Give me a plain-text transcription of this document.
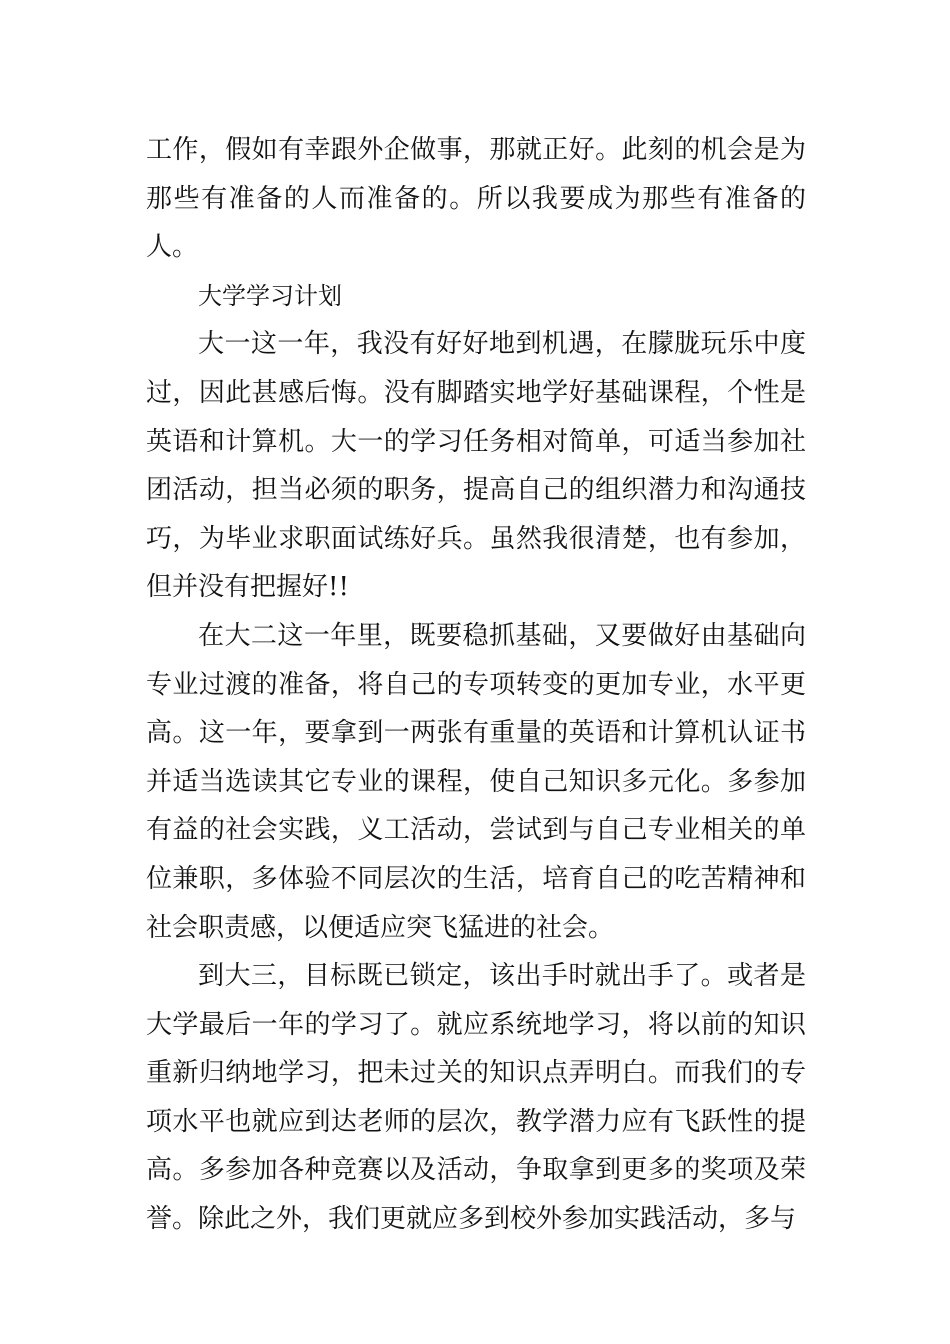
工作，假如有幸跟外企做事，那就正好。此刻的机会是为那些有准备的人而准备的。所以我要成为那些有准备的人。

大学学习计划

大一这一年，我没有好好地到机遇，在朦胧玩乐中度过，因此甚感后悔。没有脚踏实地学好基础课程，个性是英语和计算机。大一的学习任务相对简单，可适当参加社团活动，担当必须的职务，提高自己的组织潜力和沟通技巧，为毕业求职面试练好兵。虽然我很清楚，也有参加，但并没有把握好!!

在大二这一年里，既要稳抓基础，又要做好由基础向专业过渡的准备，将自己的专项转变的更加专业，水平更高。这一年，要拿到一两张有重量的英语和计算机认证书并适当选读其它专业的课程，使自己知识多元化。多参加有益的社会实践，义工活动，尝试到与自己专业相关的单位兼职，多体验不同层次的生活，培育自己的吃苦精神和社会职责感，以便适应突飞猛进的社会。

到大三，目标既已锁定，该出手时就出手了。或者是大学最后一年的学习了。就应系统地学习，将以前的知识重新归纳地学习，把未过关的知识点弄明白。而我们的专项水平也就应到达老师的层次，教学潜力应有飞跃性的提高。多参加各种竞赛以及活动，争取拿到更多的奖项及荣誉。除此之外，我们更就应多到校外参加实践活动，多与
